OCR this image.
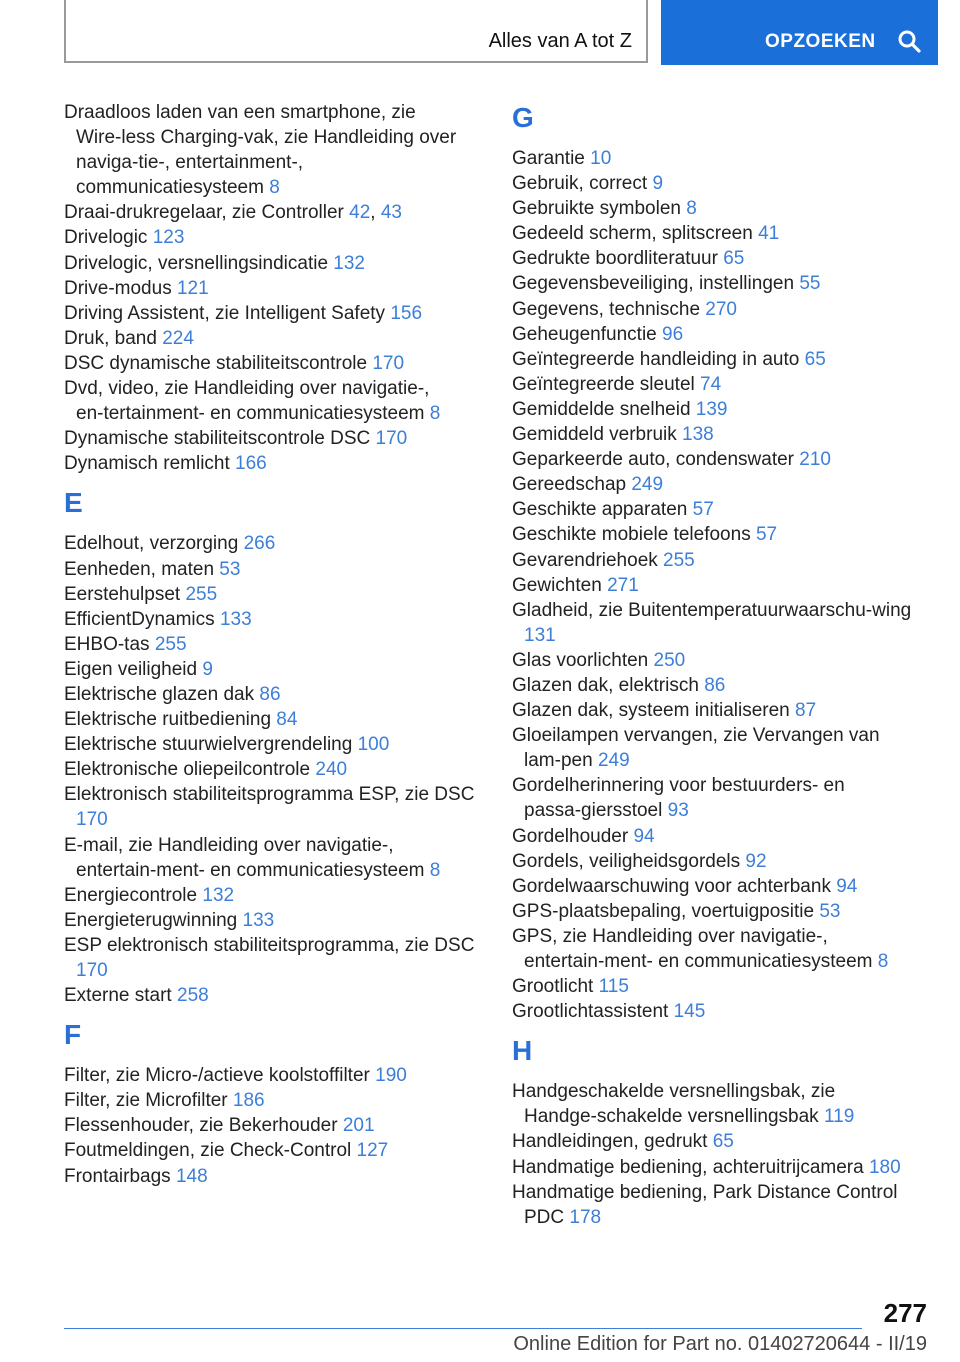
Alles van A tot Z	OPZOEKEN
Draadloos laden van een smartphone, zie Wire‑less Charging‑vak, zie Handleiding over naviga‑tie‑, entertainment‑, communicatiesysteem 8
Draai‑drukregelaar, zie Controller 42, 43
Drivelogic 123
Drivelogic, versnellingsindicatie 132
Drive‑modus 121
Driving Assistent, zie Intelligent Safety 156
Druk, band 224
DSC dynamische stabiliteitscontrole 170
Dvd, video, zie Handleiding over navigatie‑, en‑tertainment‑ en communicatiesysteem 8
Dynamische stabiliteitscontrole DSC 170
Dynamisch remlicht 166
E
Edelhout, verzorging 266
Eenheden, maten 53
Eerstehulpset 255
EfficientDynamics 133
EHBO‑tas 255
Eigen veiligheid 9
Elektrische glazen dak 86
Elektrische ruitbediening 84
Elektrische stuurwielvergrendeling 100
Elektronische oliepeilcontrole 240
Elektronisch stabiliteitsprogramma ESP, zie DSC 170
E‑mail, zie Handleiding over navigatie‑, entertain‑ment‑ en communicatiesysteem 8
Energiecontrole 132
Energieterugwinning 133
ESP elektronisch stabiliteitsprogramma, zie DSC 170
Externe start 258
F
Filter, zie Micro‑/actieve koolstoffilter 190
Filter, zie Microfilter 186
Flessenhouder, zie Bekerhouder 201
Foutmeldingen, zie Check‑Control 127
Frontairbags 148
G
Garantie 10
Gebruik, correct 9
Gebruikte symbolen 8
Gedeeld scherm, splitscreen 41
Gedrukte boordliteratuur 65
Gegevensbeveiliging, instellingen 55
Gegevens, technische 270
Geheugenfunctie 96
Geïntegreerde handleiding in auto 65
Geïntegreerde sleutel 74
Gemiddelde snelheid 139
Gemiddeld verbruik 138
Geparkeerde auto, condenswater 210
Gereedschap 249
Geschikte apparaten 57
Geschikte mobiele telefoons 57
Gevarendriehoek 255
Gewichten 271
Gladheid, zie Buitentemperatuurwaarschu‑wing 131
Glas voorlichten 250
Glazen dak, elektrisch 86
Glazen dak, systeem initialiseren 87
Gloeilampen vervangen, zie Vervangen van lam‑pen 249
Gordelherinnering voor bestuurders‑ en passa‑giersstoel 93
Gordelhouder 94
Gordels, veiligheidsgordels 92
Gordelwaarschuwing voor achterbank 94
GPS‑plaatsbepaling, voertuigpositie 53
GPS, zie Handleiding over navigatie‑, entertain‑ment‑ en communicatiesysteem 8
Grootlicht 115
Grootlichtassistent 145
H
Handgeschakelde versnellingsbak, zie Handge‑schakelde versnellingsbak 119
Handleidingen, gedrukt 65
Handmatige bediening, achteruitrijcamera 180
Handmatige bediening, Park Distance Control PDC 178
277
Online Edition for Part no. 01402720644 - II/19
